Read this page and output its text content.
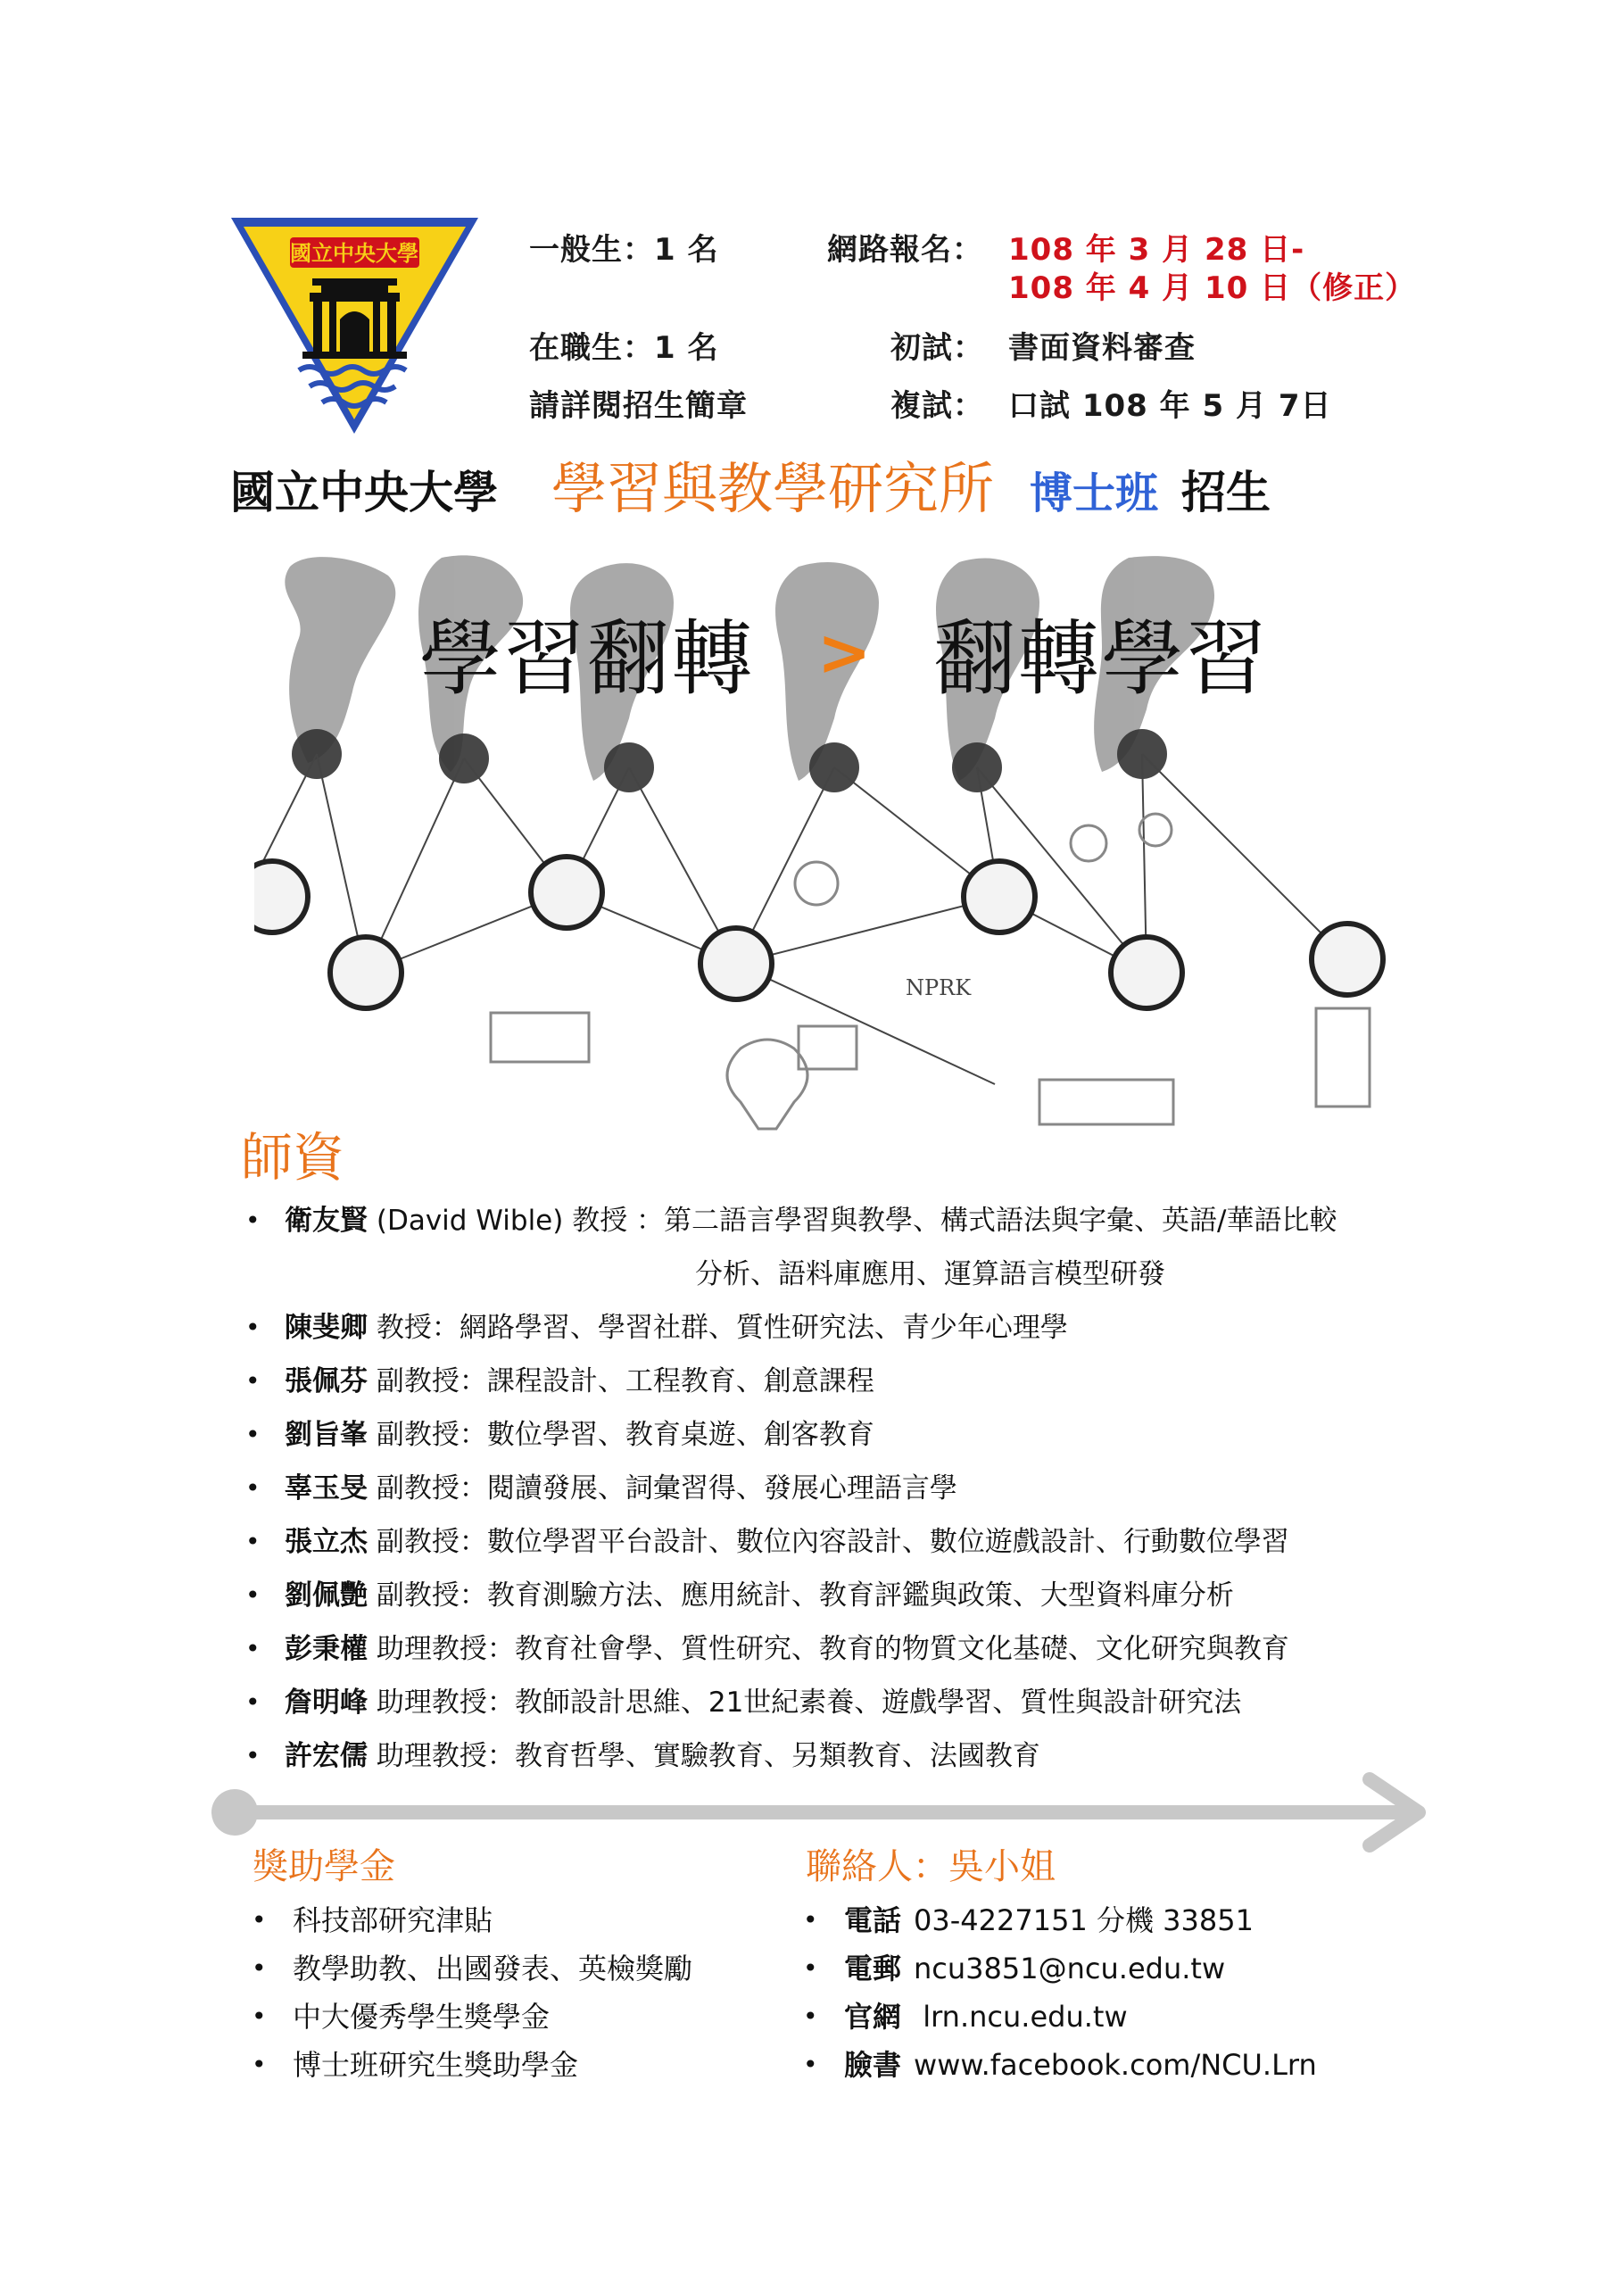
國立中央大學	一般生：1 名
在職生：1 名
請詳閱招生簡章
網路報名： 108 年 3 月 28 日-
108 年 4 月 10 日（修正）
初試： 書面資料審查
複試： 口試 108 年 5 月 7日
國立中央大學 學習與教學研究所 博士班 招生
NPRK
學習翻轉 > 翻轉學習
師資
• 衛友賢 (David Wible) 教授 ：第二語言學習與教學、構式語法與字彙、英語/華語比較
分析、語料庫應用、運算語言模型研發
• 陳斐卿 教授：網路學習、學習社群、質性研究法、青少年心理學
• 張佩芬 副教授：課程設計、工程教育、創意課程
• 劉旨峯 副教授：數位學習、教育桌遊、創客教育
• 辜玉旻 副教授：閱讀發展、詞彙習得、發展心理語言學
• 張立杰 副教授：數位學習平台設計、數位內容設計、數位遊戲設計、行動數位學習
• 劉佩艷 副教授：教育測驗方法、應用統計、教育評鑑與政策、大型資料庫分析
• 彭秉權 助理教授：教育社會學、質性研究、教育的物質文化基礎、文化研究與教育
• 詹明峰 助理教授：教師設計思維、21世紀素養、遊戲學習、質性與設計研究法
• 許宏儒 助理教授：教育哲學、實驗教育、另類教育、法國教育
獎助學金
• 科技部研究津貼
• 教學助教、出國發表、英檢獎勵
• 中大優秀學生獎學金
• 博士班研究生獎助學金
聯絡人：吳小姐
• 電話 03-4227151 分機 33851
• 電郵 ncu3851@ncu.edu.tw
• 官網 lrn.ncu.edu.tw
• 臉書 www.facebook.com/NCU.Lrn
